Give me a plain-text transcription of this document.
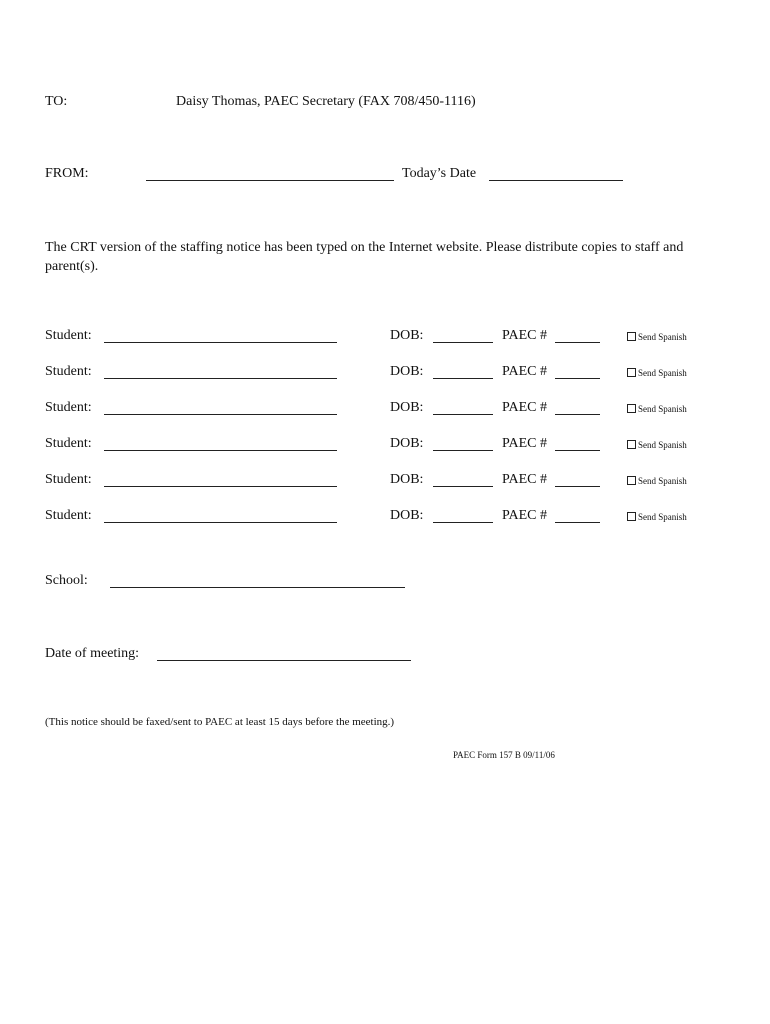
TO:	Daisy Thomas, PAEC Secretary (FAX 708/450-1116)
FROM:	Today’s Date
The CRT version of the staffing notice has been typed on the Internet website. Please distribute copies to staff and parent(s).
Student:	DOB:	PAEC #	Send Spanish
Student:	DOB:	PAEC #	Send Spanish
Student:	DOB:	PAEC #	Send Spanish
Student:	DOB:	PAEC #	Send Spanish
Student:	DOB:	PAEC #	Send Spanish
Student:	DOB:	PAEC #	Send Spanish
School:
Date of meeting:
(This notice should be faxed/sent to PAEC at least 15 days before the meeting.)
PAEC Form 157 B 09/11/06
